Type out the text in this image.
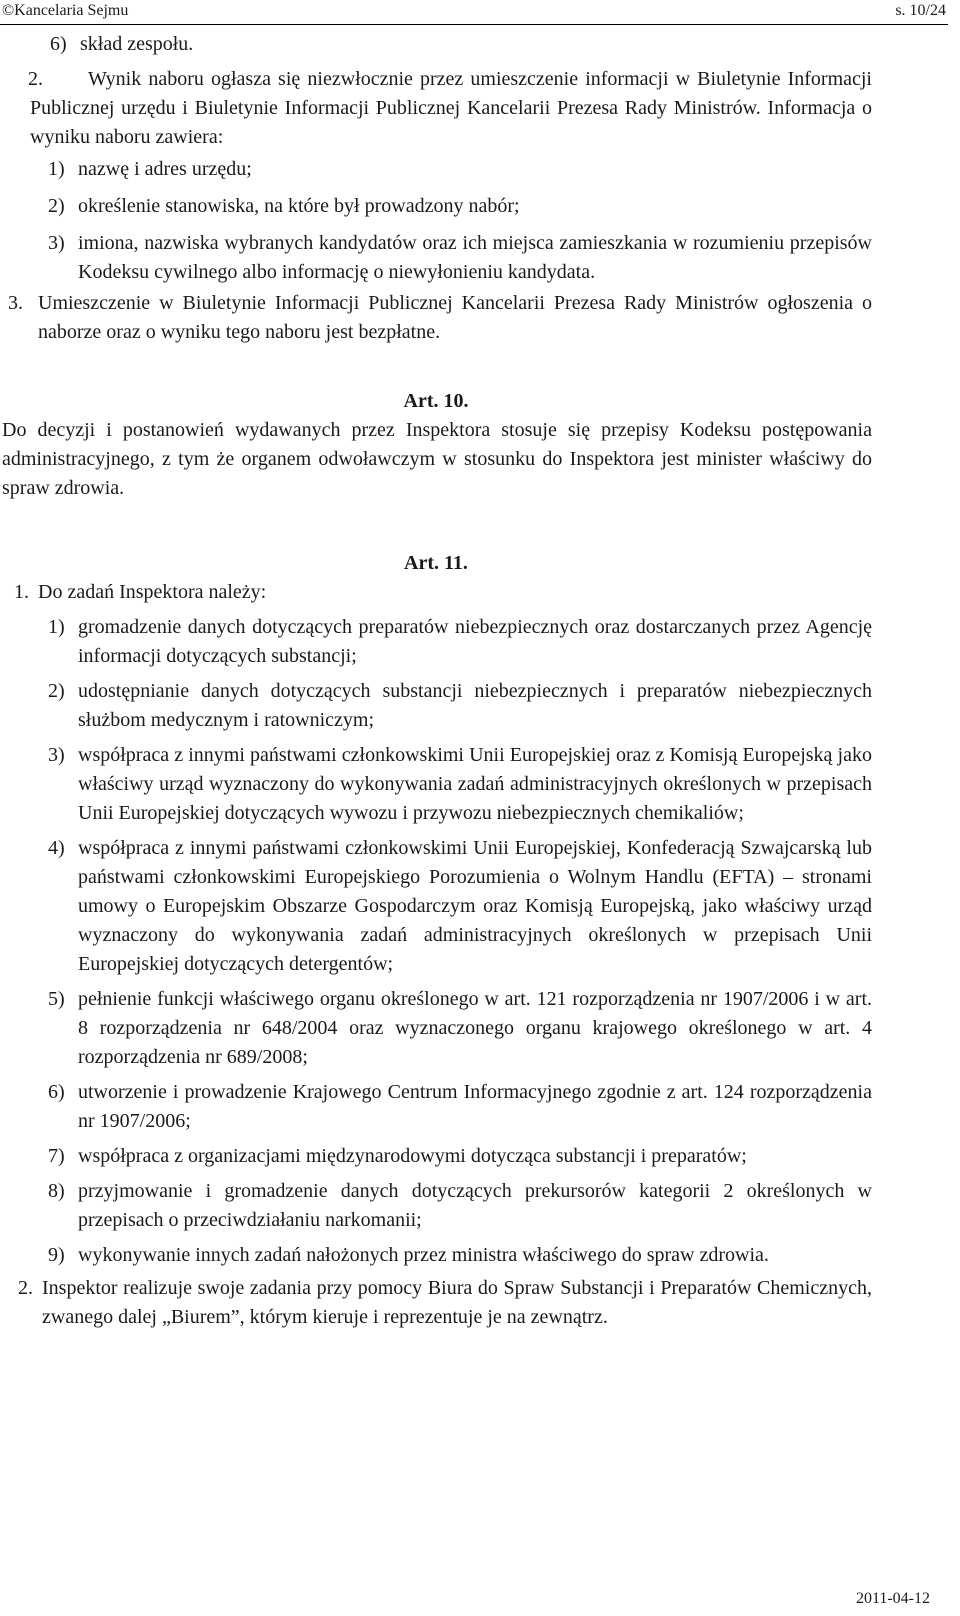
©Kancelaria Sejmu	s. 10/24
6) skład zespołu.
2.	Wynik naboru ogłasza się niezwłocznie przez umieszczenie informacji w Biuletynie Informacji Publicznej urzędu i Biuletynie Informacji Publicznej Kancelarii Prezesa Rady Ministrów. Informacja o wyniku naboru zawiera:
1) nazwę i adres urzędu;
2) określenie stanowiska, na które był prowadzony nabór;
3) imiona, nazwiska wybranych kandydatów oraz ich miejsca zamieszkania w rozumieniu przepisów Kodeksu cywilnego albo informację o niewyłonieniu kandydata.
3. Umieszczenie w Biuletynie Informacji Publicznej Kancelarii Prezesa Rady Ministrów ogłoszenia o naborze oraz o wyniku tego naboru jest bezpłatne.
Art. 10.
Do decyzji i postanowień wydawanych przez Inspektora stosuje się przepisy Kodeksu postępowania administracyjnego, z tym że organem odwoławczym w stosunku do Inspektora jest minister właściwy do spraw zdrowia.
Art. 11.
1. Do zadań Inspektora należy:
1) gromadzenie danych dotyczących preparatów niebezpiecznych oraz dostarczanych przez Agencję informacji dotyczących substancji;
2) udostępnianie danych dotyczących substancji niebezpiecznych i preparatów niebezpiecznych służbom medycznym i ratowniczym;
3) współpraca z innymi państwami członkowskimi Unii Europejskiej oraz z Komisją Europejską jako właściwy urząd wyznaczony do wykonywania zadań administracyjnych określonych w przepisach Unii Europejskiej dotyczących wywozu i przywozu niebezpiecznych chemikaliów;
4) współpraca z innymi państwami członkowskimi Unii Europejskiej, Konfederacją Szwajcarską lub państwami członkowskimi Europejskiego Porozumienia o Wolnym Handlu (EFTA) – stronami umowy o Europejskim Obszarze Gospodarczym oraz Komisją Europejską, jako właściwy urząd wyznaczony do wykonywania zadań administracyjnych określonych w przepisach Unii Europejskiej dotyczących detergentów;
5) pełnienie funkcji właściwego organu określonego w art. 121 rozporządzenia nr 1907/2006 i w art. 8 rozporządzenia nr 648/2004 oraz wyznaczonego organu krajowego określonego w art. 4 rozporządzenia nr 689/2008;
6) utworzenie i prowadzenie Krajowego Centrum Informacyjnego zgodnie z art. 124 rozporządzenia nr 1907/2006;
7) współpraca z organizacjami międzynarodowymi dotycząca substancji i preparatów;
8) przyjmowanie i gromadzenie danych dotyczących prekursorów kategorii 2 określonych w przepisach o przeciwdziałaniu narkomanii;
9) wykonywanie innych zadań nałożonych przez ministra właściwego do spraw zdrowia.
2. Inspektor realizuje swoje zadania przy pomocy Biura do Spraw Substancji i Preparatów Chemicznych, zwanego dalej „Biurem”, którym kieruje i reprezentuje je na zewnątrz.
2011-04-12
